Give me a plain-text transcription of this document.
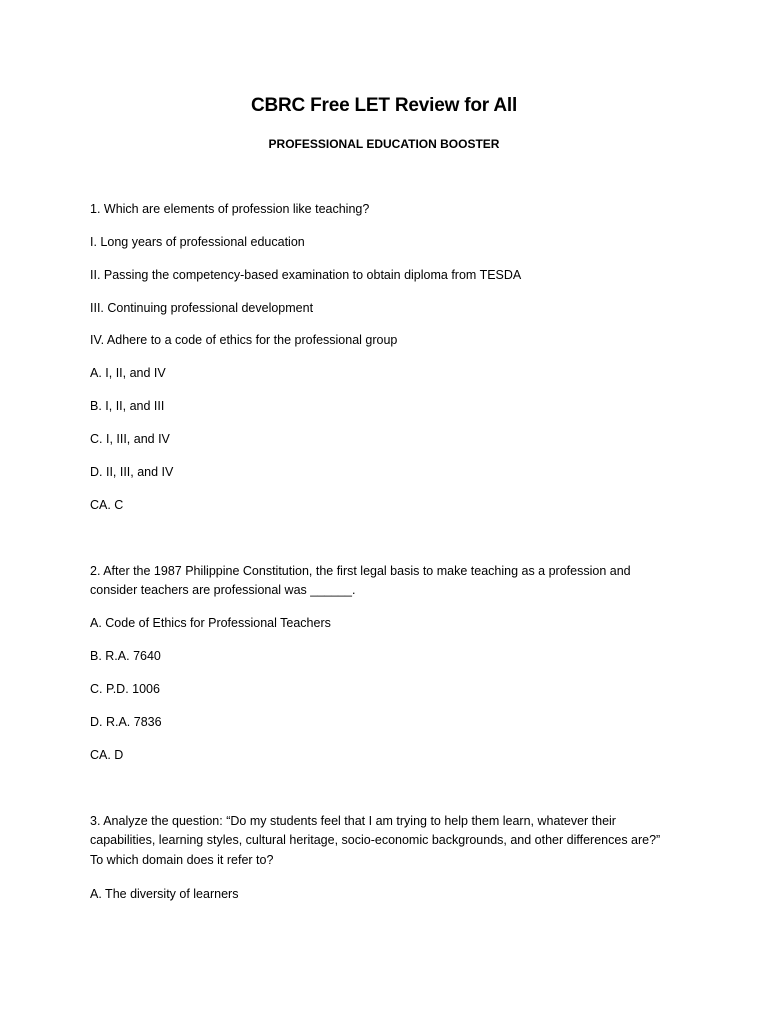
CBRC Free LET Review for All
PROFESSIONAL EDUCATION BOOSTER
1. Which are elements of profession like teaching?
I. Long years of professional education
II. Passing the competency-based examination to obtain diploma from TESDA
III. Continuing professional development
IV. Adhere to a code of ethics for the professional group
A. I, II, and IV
B. I, II, and III
C. I, III, and IV
D. II, III, and IV
CA. C
2. After the 1987 Philippine Constitution, the first legal basis to make teaching as a profession and
consider teachers are professional was ______.
A. Code of Ethics for Professional Teachers
B. R.A. 7640
C. P.D. 1006
D. R.A. 7836
CA. D
3. Analyze the question: “Do my students feel that I am trying to help them learn, whatever their
capabilities, learning styles, cultural heritage, socio-economic backgrounds, and other differences are?”
To which domain does it refer to?
A. The diversity of learners
